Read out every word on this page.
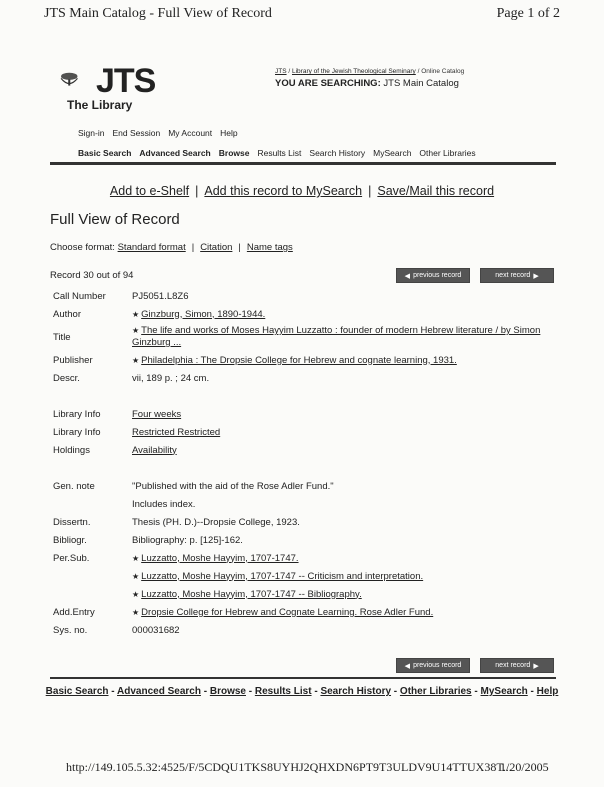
JTS Main Catalog - Full View of Record	Page 1 of 2
JTS
The Library
JTS / Library of the Jewish Theological Seminary / Online Catalog
YOU ARE SEARCHING: JTS Main Catalog
Sign-in End Session My Account Help
Basic Search Advanced Search Browse Results List Search History MySearch Other Libraries
Add to e-Shelf | Add this record to MySearch | Save/Mail this record
Full View of Record
Choose format: Standard format | Citation | Name tags
Record 30 out of 94	◀ previous record	next record ▶
Call Number	PJ5051.L8Z6
Author	★ Ginzburg, Simon, 1890-1944.
Title	★ The life and works of Moses Hayyim Luzzatto : founder of modern Hebrew literature / by Simon
Ginzburg ...
Publisher	★ Philadelphia : The Dropsie College for Hebrew and cognate learning, 1931.
Descr.	vii, 189 p. ; 24 cm.

Library Info	Four weeks
Library Info	Restricted Restricted
Holdings	Availability

Gen. note	"Published with the aid of the Rose Adler Fund."
	Includes index.
Dissertn.	Thesis (PH. D.)--Dropsie College, 1923.
Bibliogr.	Bibliography: p. [125]-162.
Per.Sub.	★ Luzzatto, Moshe Hayyim, 1707-1747.
	★ Luzzatto, Moshe Hayyim, 1707-1747 -- Criticism and interpretation.
	★ Luzzatto, Moshe Hayyim, 1707-1747 -- Bibliography.
Add.Entry	★ Dropsie College for Hebrew and Cognate Learning. Rose Adler Fund.
Sys. no.	000031682
◀ previous record	next record ▶
Basic Search - Advanced Search - Browse - Results List - Search History - Other Libraries - MySearch - Help
http://149.105.5.32:4525/F/5CDQU1TKS8UYHJ2QHXDN6PT9T3ULDV9U14TTUX38T...
1/20/2005
